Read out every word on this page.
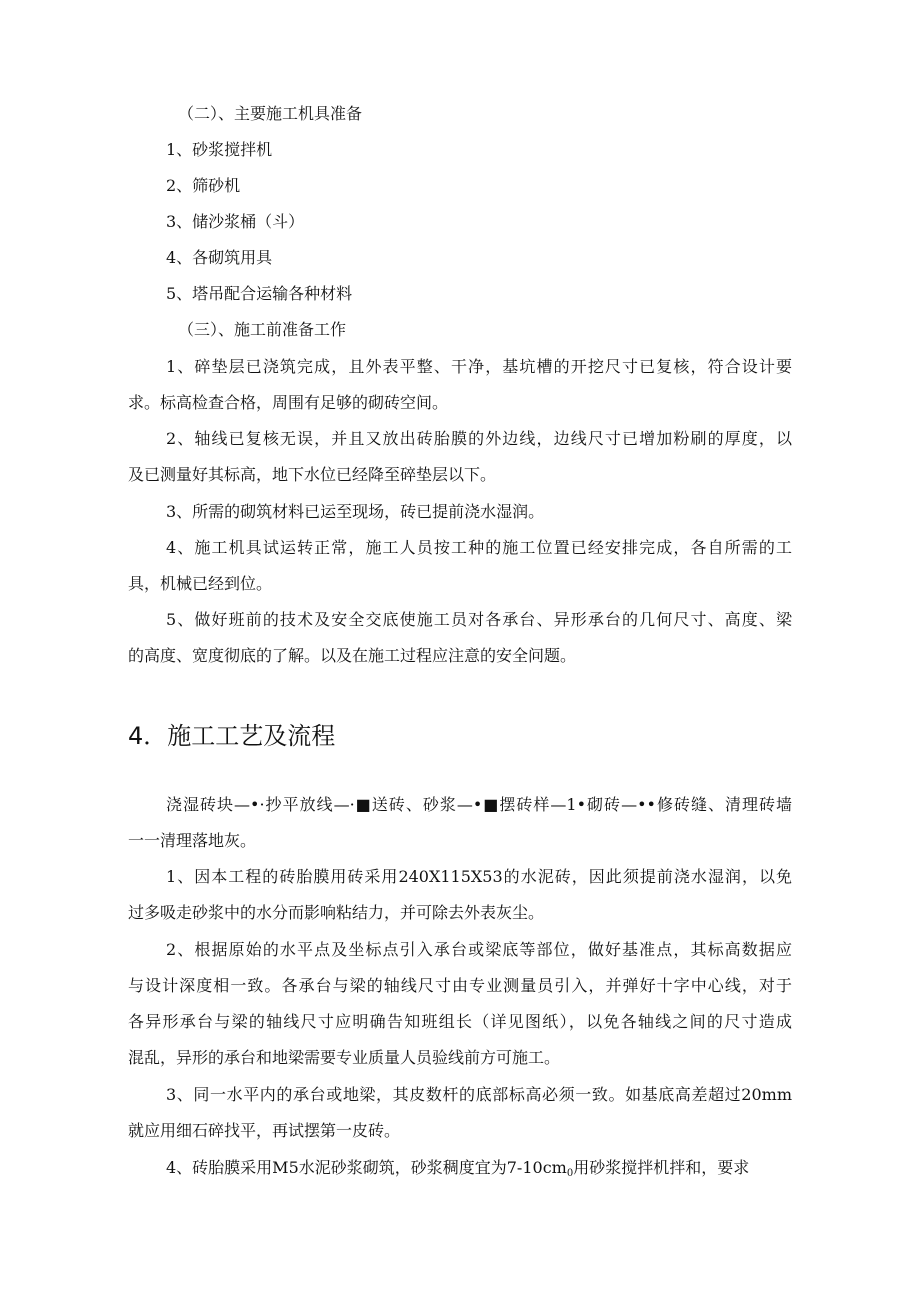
（二）、主要施工机具准备
1、砂浆搅拌机
2、筛砂机
3、储沙浆桶（斗）
4、各砌筑用具
5、塔吊配合运输各种材料
（三）、施工前准备工作
1、碎垫层已浇筑完成，且外表平整、干净，基坑槽的开挖尺寸已复核，符合设计要
求。标高检查合格，周围有足够的砌砖空间。
2、轴线已复核无误，并且又放出砖胎膜的外边线，边线尺寸已增加粉刷的厚度，以
及已测量好其标高，地下水位已经降至碎垫层以下。
3、所需的砌筑材料已运至现场，砖已提前浇水湿润。
4、施工机具试运转正常，施工人员按工种的施工位置已经安排完成，各自所需的工
具，机械已经到位。
5、做好班前的技术及安全交底使施工员对各承台、异形承台的几何尺寸、高度、梁
的高度、宽度彻底的了解。以及在施工过程应注意的安全问题。
4．施工工艺及流程
浇湿砖块—•·抄平放线—·■送砖、砂浆—•■摆砖样—1•砌砖—••修砖缝、清理砖墙
一一清理落地灰。
1、因本工程的砖胎膜用砖采用240X115X53的水泥砖，因此须提前浇水湿润，以免
过多吸走砂浆中的水分而影响粘结力，并可除去外表灰尘。
2、根据原始的水平点及坐标点引入承台或梁底等部位，做好基准点，其标高数据应
与设计深度相一致。各承台与梁的轴线尺寸由专业测量员引入，并弹好十字中心线，对于
各异形承台与梁的轴线尺寸应明确告知班组长（详见图纸），以免各轴线之间的尺寸造成
混乱，异形的承台和地梁需要专业质量人员验线前方可施工。
3、同一水平内的承台或地梁，其皮数杆的底部标高必须一致。如基底高差超过20mm
就应用细石碎找平，再试摆第一皮砖。
4、砖胎膜采用M5水泥砂浆砌筑，砂浆稠度宜为$7-10cm_0$用砂浆搅拌机拌和，要求
